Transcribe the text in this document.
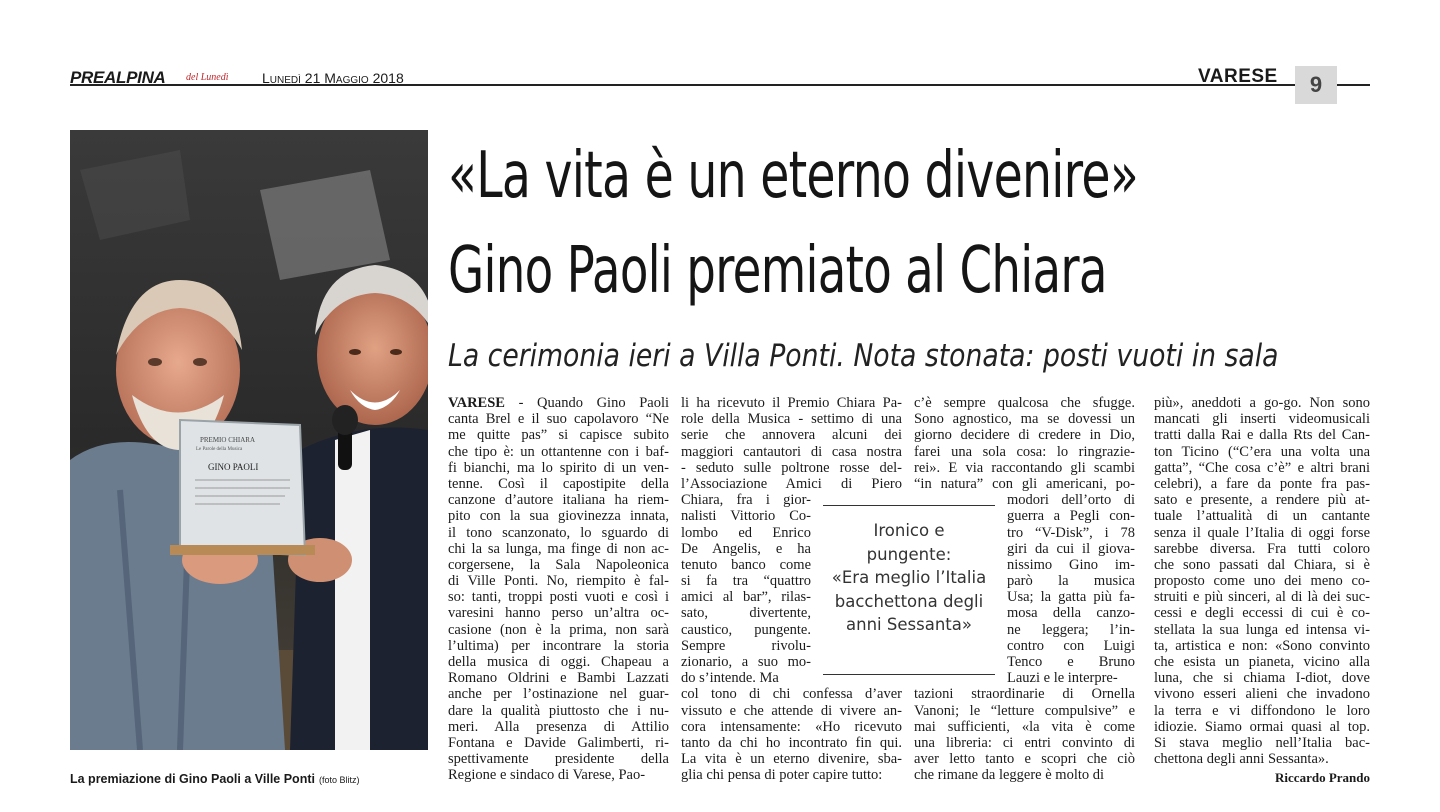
PREALPINA del Lunedì Lunedì 21 Maggio 2018	VARESE	9
PREMIO CHIARA
Le Parole della Musica
GINO PAOLI
La premiazione di Gino Paoli a Ville Ponti (foto Blitz)
«La vita è un eterno divenire»
Gino Paoli premiato al Chiara
La cerimonia ieri a Villa Ponti. Nota stonata: posti vuoti in sala
VARESE - Quando Gino Paoli
canta Brel e il suo capolavoro “Ne
me quitte pas” si capisce subito
che tipo è: un ottantenne con i baf-
fi bianchi, ma lo spirito di un ven-
tenne. Così il capostipite della
canzone d’autore italiana ha riem-
pito con la sua giovinezza innata,
il tono scanzonato, lo sguardo di
chi la sa lunga, ma finge di non ac-
corgersene, la Sala Napoleonica
di Ville Ponti. No, riempito è fal-
so: tanti, troppi posti vuoti e così i
varesini hanno perso un’altra oc-
casione (non è la prima, non sarà
l’ultima) per incontrare la storia
della musica di oggi. Chapeau a
Romano Oldrini e Bambi Lazzati
anche per l’ostinazione nel guar-
dare la qualità piuttosto che i nu-
meri. Alla presenza di Attilio
Fontana e Davide Galimberti, ri-
spettivamente presidente della
Regione e sindaco di Varese, Pao-
li ha ricevuto il Premio Chiara Pa-
role della Musica - settimo di una
serie che annovera alcuni dei
maggiori cantautori di casa nostra
- seduto sulle poltrone rosse del-
l’Associazione Amici di Piero
Chiara, fra i gior-
nalisti Vittorio Co-
lombo ed Enrico
De Angelis, e ha
tenuto banco come
si fa tra “quattro
amici al bar”, rilas-
sato, divertente,
caustico, pungente.
Sempre rivolu-
zionario, a suo mo-
do s’intende. Ma
col tono di chi confessa d’aver
vissuto e che attende di vivere an-
cora intensamente: «Ho ricevuto
tanto da chi ho incontrato fin qui.
La vita è un eterno divenire, sba-
glia chi pensa di poter capire tutto:
c’è sempre qualcosa che sfugge.
Sono agnostico, ma se dovessi un
giorno decidere di credere in Dio,
farei una sola cosa: lo ringrazie-
rei». E via raccontando gli scambi
“in natura” con gli americani, po-
modori dell’orto di
guerra a Pegli con-
tro “V-Disk”, i 78
giri da cui il giova-
nissimo Gino im-
parò la musica
Usa; la gatta più fa-
mosa della canzo-
ne leggera; l’in-
contro con Luigi
Tenco e Bruno
Lauzi e le interpre-
tazioni straordinarie di Ornella
Vanoni; le “letture compulsive” e
mai sufficienti, «la vita è come
una libreria: ci entri convinto di
aver letto tanto e scopri che ciò
che rimane da leggere è molto di
più», aneddoti a go-go. Non sono
mancati gli inserti videomusicali
tratti dalla Rai e dalla Rts del Can-
ton Ticino (“C’era una volta una
gatta”, “Che cosa c’è” e altri brani
celebri), a fare da ponte fra pas-
sato e presente, a rendere più at-
tuale l’attualità di un cantante
senza il quale l’Italia di oggi forse
sarebbe diversa. Fra tutti coloro
che sono passati dal Chiara, si è
proposto come uno dei meno co-
struiti e più sinceri, al di là dei suc-
cessi e degli eccessi di cui è co-
stellata la sua lunga ed intensa vi-
ta, artistica e non: «Sono convinto
che esista un pianeta, vicino alla
luna, che si chiama I-diot, dove
vivono esseri alieni che invadono
la terra e vi diffondono le loro
idiozie. Siamo ormai quasi al top.
Si stava meglio nell’Italia bac-
chettona degli anni Sessanta».
Ironico e
pungente:
«Era meglio l’Italia
bacchettona degli
anni Sessanta»
Riccardo Prando
